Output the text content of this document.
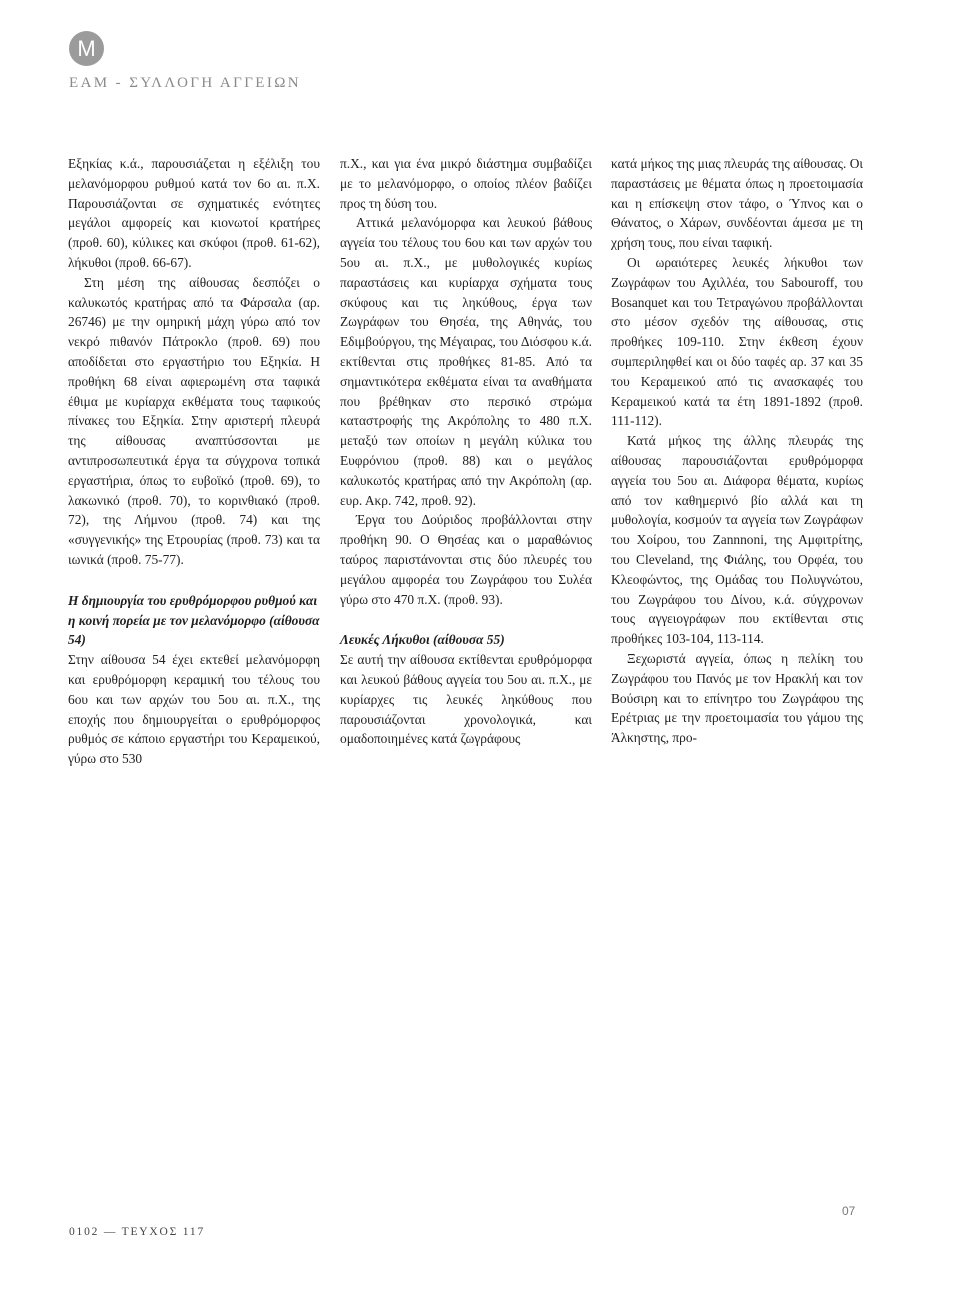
M
ΕΑΜ - ΣΥΛΛΟΓΗ ΑΓΓΕΙΩΝ

Εξηκίας κ.ά., παρουσιάζεται η εξέλιξη του μελανόμορφου ρυθμού κατά τον 6ο αι. π.Χ. Παρουσιάζονται σε σχηματικές ενότητες μεγάλοι αμφορείς και κιονωτοί κρατήρες (προθ. 60), κύλικες και σκύφοι (προθ. 61-62), λήκυθοι (προθ. 66-67).

Στη μέση της αίθουσας δεσπόζει ο καλυκωτός κρατήρας από τα Φάρσαλα (αρ. 26746) με την ομηρική μάχη γύρω από τον νεκρό πιθανόν Πάτροκλο (προθ. 69) που αποδίδεται στο εργαστήριο του Εξηκία. Η προθήκη 68 είναι αφιερωμένη στα ταφικά έθιμα με κυρίαρχα εκθέματα τους ταφικούς πίνακες του Εξηκία. Στην αριστερή πλευρά της αίθουσας αναπτύσσονται με αντιπροσωπευτικά έργα τα σύγχρονα τοπικά εργαστήρια, όπως το ευβοϊκό (προθ. 69), το λακωνικό (προθ. 70), το κορινθιακό (προθ. 72), της Λήμνου (προθ. 74) και της «συγγενικής» της Ετρουρίας (προθ. 73) και τα ιωνικά (προθ. 75-77).

Η δημιουργία του ερυθρόμορφου ρυθμού και η κοινή πορεία με τον μελανόμορφο (αίθουσα 54)

Στην αίθουσα 54 έχει εκτεθεί μελανόμορφη και ερυθρόμορφη κεραμική του τέλους του 6ου και των αρχών του 5ου αι. π.Χ., της εποχής που δημιουργείται ο ερυθρόμορφος ρυθμός σε κάποιο εργαστήρι του Κεραμεικού, γύρω στο 530

π.Χ., και για ένα μικρό διάστημα συμβαδίζει με το μελανόμορφο, ο οποίος πλέον βαδίζει προς τη δύση του.

Αττικά μελανόμορφα και λευκού βάθους αγγεία του τέλους του 6ου και των αρχών του 5ου αι. π.Χ., με μυθολογικές κυρίως παραστάσεις και κυρίαρχα σχήματα τους σκύφους και τις ληκύθους, έργα των Ζωγράφων του Θησέα, της Αθηνάς, του Εδιμβούργου, της Μέγαιρας, του Διόσφου κ.ά. εκτίθενται στις προθήκες 81-85. Από τα σημαντικότερα εκθέματα είναι τα αναθήματα που βρέθηκαν στο περσικό στρώμα καταστροφής της Ακρόπολης το 480 π.Χ. μεταξύ των οποίων η μεγάλη κύλικα του Ευφρόνιου (προθ. 88) και ο μεγάλος καλυκωτός κρατήρας από την Ακρόπολη (αρ. ευρ. Ακρ. 742, προθ. 92).

Έργα του Δούριδος προβάλλονται στην προθήκη 90. Ο Θησέας και ο μαραθώνιος ταύρος παριστάνονται στις δύο πλευρές του μεγάλου αμφορέα του Ζωγράφου του Συλέα γύρω στο 470 π.Χ. (προθ. 93).

Λευκές Λήκυθοι (αίθουσα 55)

Σε αυτή την αίθουσα εκτίθενται ερυθρόμορφα και λευκού βάθους αγγεία του 5ου αι. π.Χ., με κυρίαρχες τις λευκές ληκύθους που παρουσιάζονται χρονολογικά, και ομαδοποιημένες κατά ζωγράφους

κατά μήκος της μιας πλευράς της αίθουσας. Οι παραστάσεις με θέματα όπως η προετοιμασία και η επίσκεψη στον τάφο, ο Ύπνος και ο Θάνατος, ο Χάρων, συνδέονται άμεσα με τη χρήση τους, που είναι ταφική.

Οι ωραιότερες λευκές λήκυθοι των Ζωγράφων του Αχιλλέα, του Sabouroff, του Bosanquet και του Τετραγώνου προβάλλονται στο μέσον σχεδόν της αίθουσας, στις προθήκες 109-110. Στην έκθεση έχουν συμπεριληφθεί και οι δύο ταφές αρ. 37 και 35 του Κεραμεικού από τις ανασκαφές του Κεραμεικού κατά τα έτη 1891-1892 (προθ. 111-112).

Κατά μήκος της άλλης πλευράς της αίθουσας παρουσιάζονται ερυθρόμορφα αγγεία του 5ου αι. Διάφορα θέματα, κυρίως από τον καθημερινό βίο αλλά και τη μυθολογία, κοσμούν τα αγγεία των Ζωγράφων του Χοίρου, του Zannnoni, της Αμφιτρίτης, του Cleveland, της Φιάλης, του Ορφέα, του Κλεοφώντος, της Ομάδας του Πολυγνώτου, του Ζωγράφου του Δίνου, κ.ά. σύγχρονων τους αγγειογράφων που εκτίθενται στις προθήκες 103-104, 113-114.

Ξεχωριστά αγγεία, όπως η πελίκη του Ζωγράφου του Πανός με τον Ηρακλή και τον Βούσιρη και το επίνητρο του Ζωγράφου της Ερέτριας με την προετοιμασία του γάμου της Άλκηστης, προ-

0102 — ΤΕΥΧΟΣ 117
07
